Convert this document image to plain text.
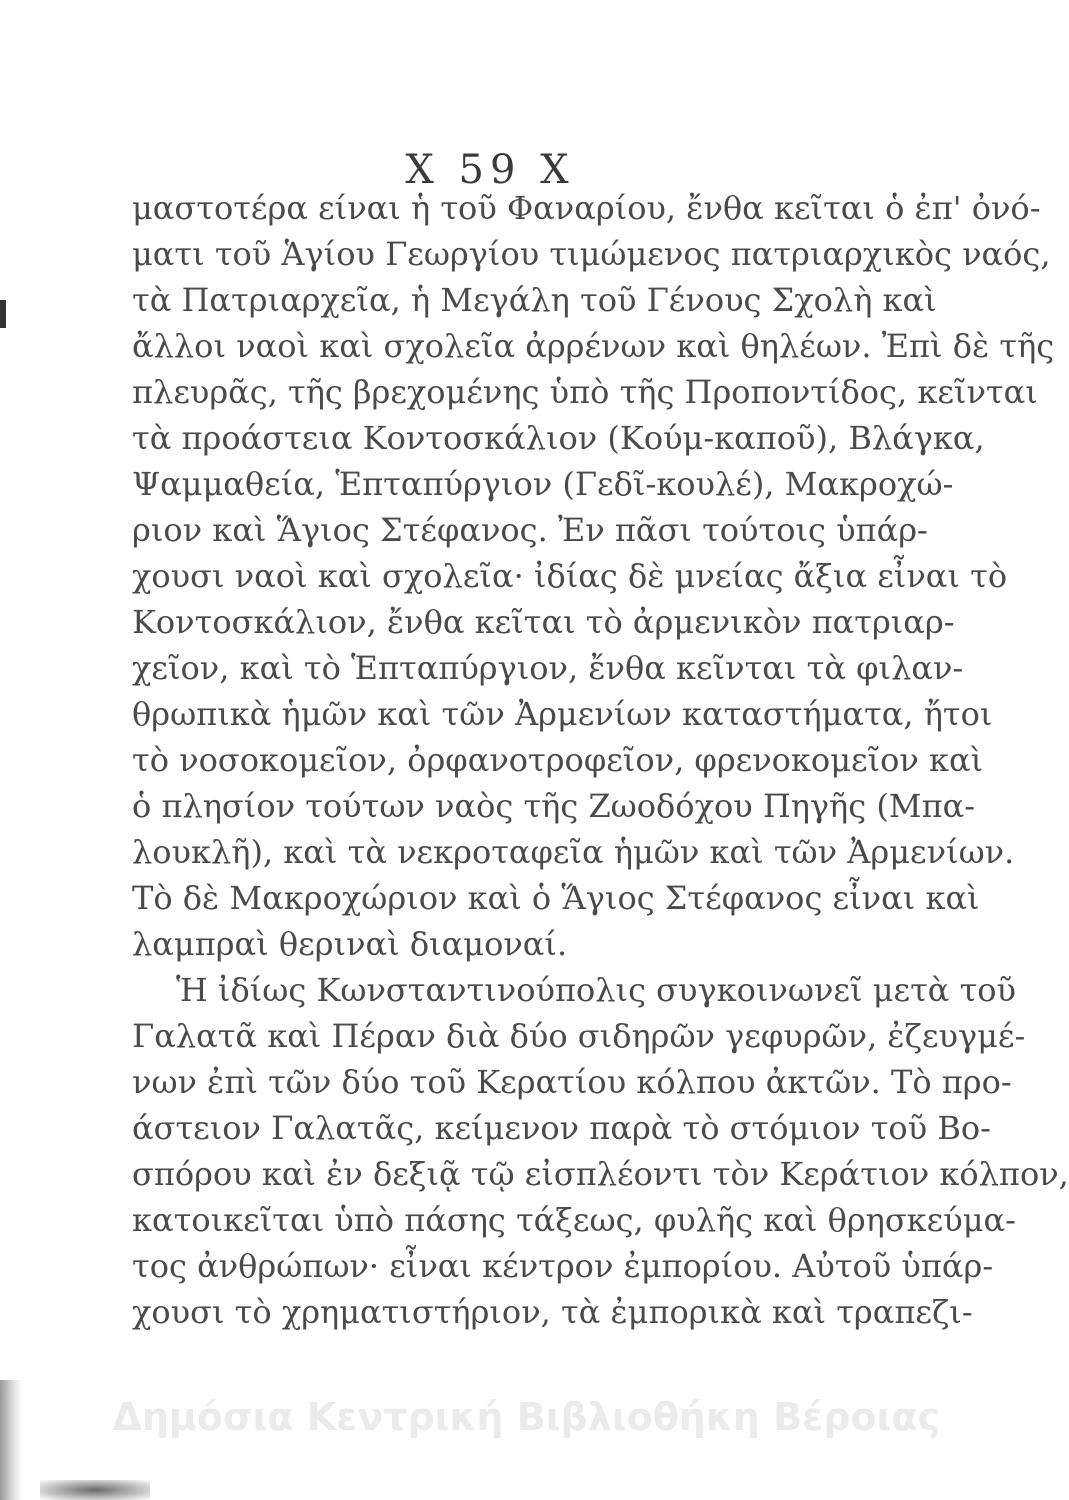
Χ 59 Χ
μαστοτέρα είναι ἡ τοῦ Φαναρίου, ἔνθα κεῖται ὁ ἐπ' ὀνό-
ματι τοῦ Ἁγίου Γεωργίου τιμώμενος πατριαρχικὸς ναός,
τὰ Πατριαρχεῖα, ἡ Μεγάλη τοῦ Γένους Σχολὴ καὶ
ἄλλοι ναοὶ καὶ σχολεῖα ἀρρένων καὶ θηλέων. Ἐπὶ δὲ τῆς
πλευρᾶς, τῆς βρεχομένης ὑπὸ τῆς Προποντίδος, κεῖνται
τὰ προάστεια Κοντοσκάλιον (Κούμ-καποῦ), Βλάγκα,
Ψαμμαθεία, Ἑπταπύργιον (Γεδῖ-κουλέ), Μακροχώ-
ριον καὶ Ἅγιος Στέφανος. Ἐν πᾶσι τούτοις ὑπάρ-
χουσι ναοὶ καὶ σχολεῖα· ἰδίας δὲ μνείας ἄξια εἶναι τὸ
Κοντοσκάλιον, ἔνθα κεῖται τὸ ἀρμενικὸν πατριαρ-
χεῖον, καὶ τὸ Ἑπταπύργιον, ἔνθα κεῖνται τὰ φιλαν-
θρωπικὰ ἡμῶν καὶ τῶν Ἀρμενίων καταστήματα, ἤτοι
τὸ νοσοκομεῖον, ὀρφανοτροφεῖον, φρενοκομεῖον καὶ
ὁ πλησίον τούτων ναὸς τῆς Ζωοδόχου Πηγῆς (Μπα-
λουκλῆ), καὶ τὰ νεκροταφεῖα ἡμῶν καὶ τῶν Ἀρμενίων.
Τὸ δὲ Μακροχώριον καὶ ὁ Ἅγιος Στέφανος εἶναι καὶ
λαμπραὶ θεριναὶ διαμοναί.
Ἡ ἰδίως Κωνσταντινούπολις συγκοινωνεῖ μετὰ τοῦ
Γαλατᾶ καὶ Πέραν διὰ δύο σιδηρῶν γεφυρῶν, ἐζευγμέ-
νων ἐπὶ τῶν δύο τοῦ Κερατίου κόλπου ἀκτῶν. Τὸ προ-
άστειον Γαλατᾶς, κείμενον παρὰ τὸ στόμιον τοῦ Βο-
σπόρου καὶ ἐν δεξιᾷ τῷ εἰσπλέοντι τὸν Κεράτιον κόλπον,
κατοικεῖται ὑπὸ πάσης τάξεως, φυλῆς καὶ θρησκεύμα-
τος ἀνθρώπων· εἶναι κέντρον ἐμπορίου. Αὐτοῦ ὑπάρ-
χουσι τὸ χρηματιστήριον, τὰ ἐμπορικὰ καὶ τραπεζι-
Δημόσια Κεντρική Βιβλιοθήκη Βέροιας
